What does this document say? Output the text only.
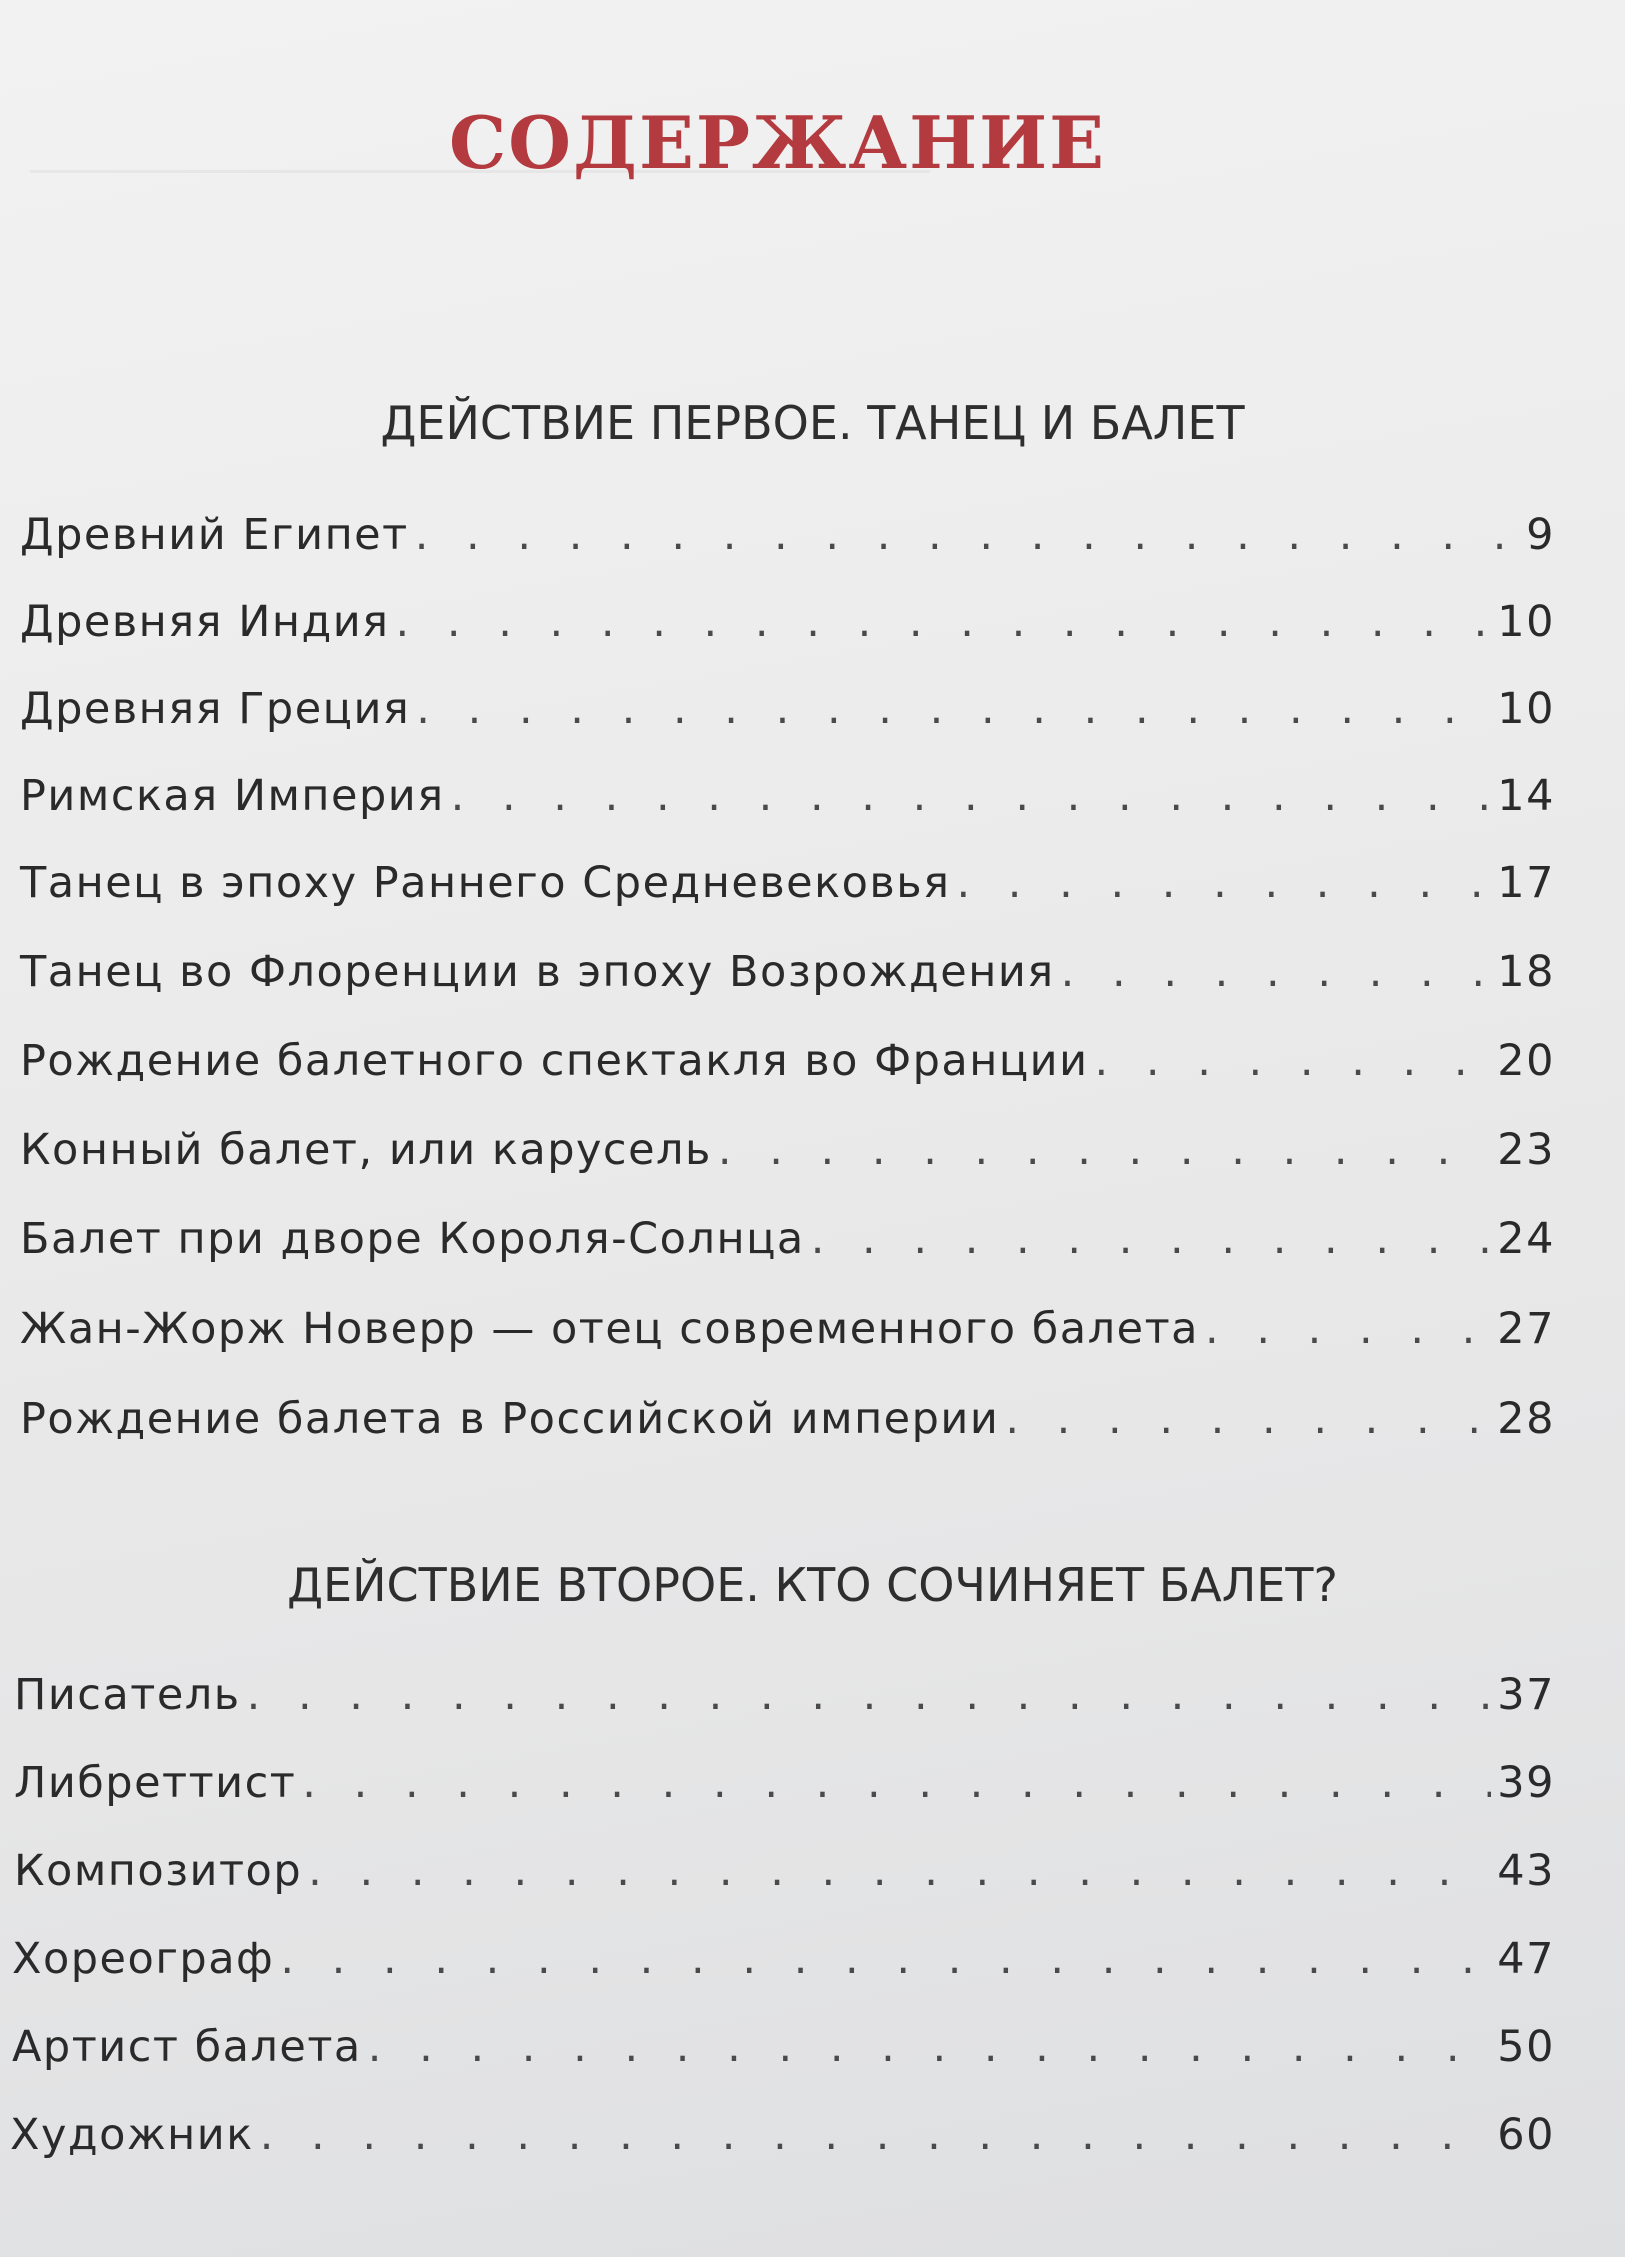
СОДЕРЖАНИЕ
ДЕЙСТВИЕ ПЕРВОЕ. ТАНЕЦ И БАЛЕТ
Древний Египет . . .	9
Древняя Индия . . .	10
Древняя Греция . . .	10
Римская Империя . . .	14
Танец в эпоху Раннего Средневековья . . .	17
Танец во Флоренции в эпоху Возрождения . . .	18
Рождение балетного спектакля во Франции . . .	20
Конный балет, или карусель . . .	23
Балет при дворе Короля-Солнца . . .	24
Жан-Жорж Новерр — отец современного балета . . .	27
Рождение балета в Российской империи . . .	28
ДЕЙСТВИЕ ВТОРОЕ. КТО СОЧИНЯЕТ БАЛЕТ?
Писатель . . .	37
Либреттист . . .	39
Композитор . . .	43
Хореограф . . .	47
Артист балета . . .	50
Художник . . .	60
